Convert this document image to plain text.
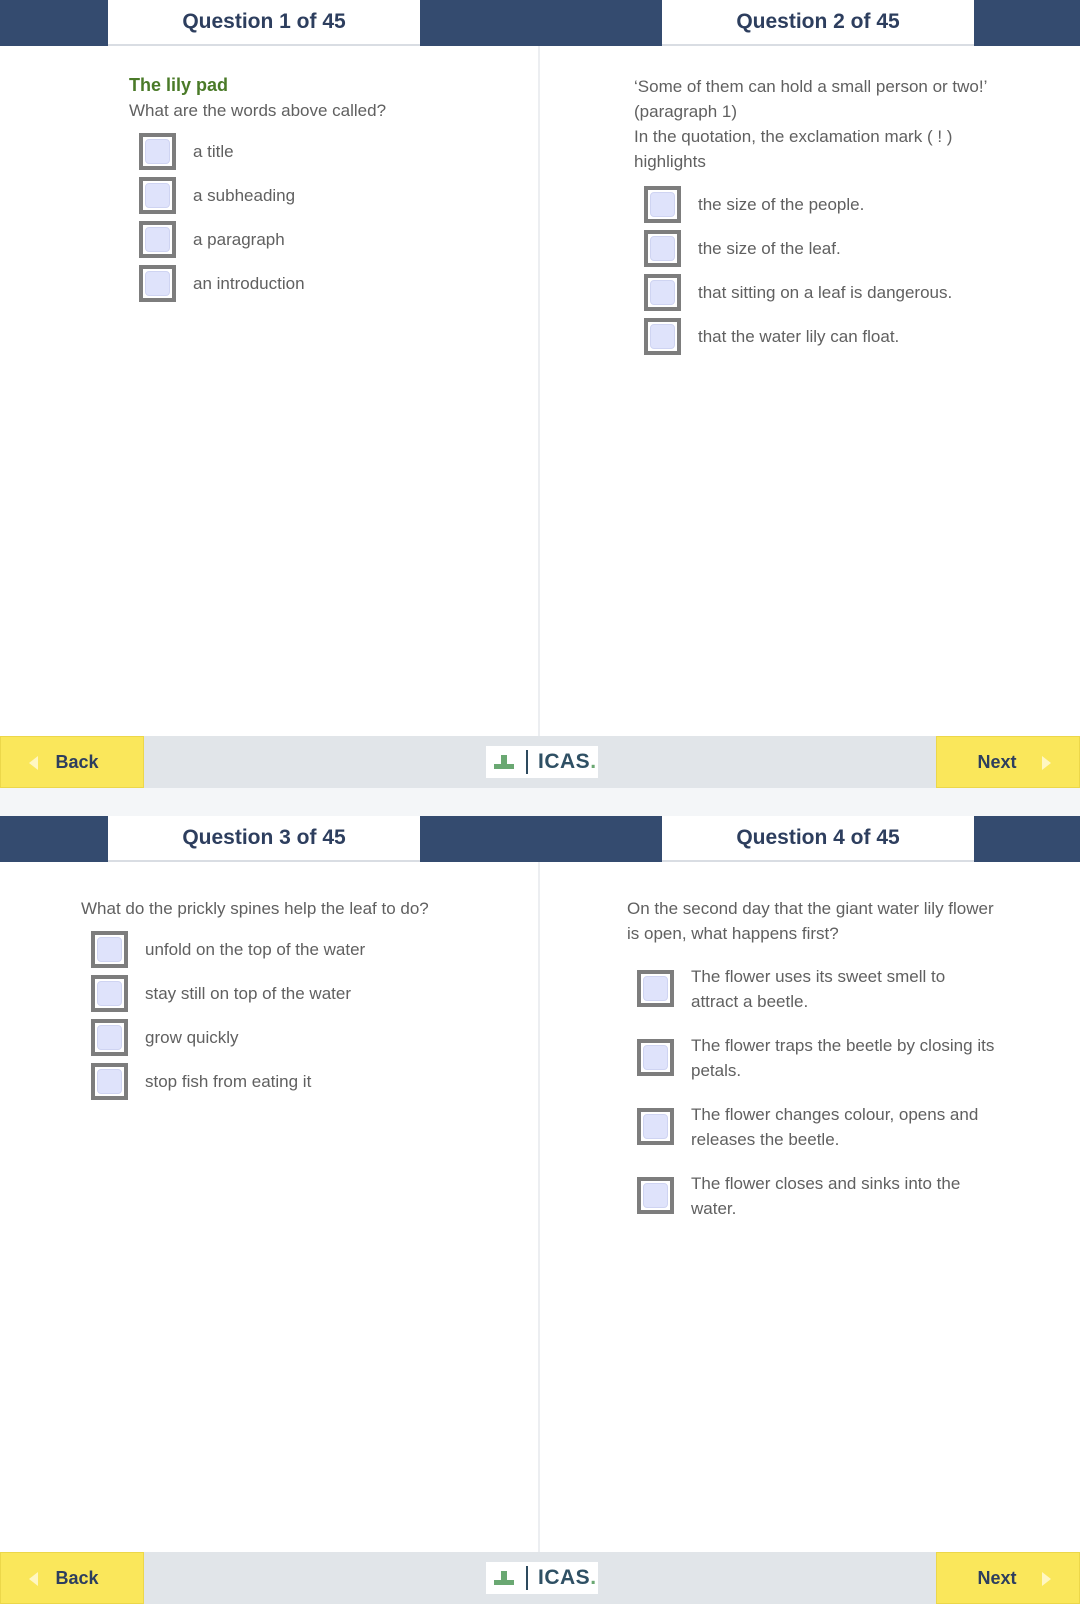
Question 1 of 45	Question 2 of 45
The lily pad
What are the words above called?
a title
a subheading
a paragraph
an introduction
‘Some of them can hold a small person or two!’
(paragraph 1)
In the quotation, the exclamation mark ( ! )
highlights
the size of the people.
the size of the leaf.
that sitting on a leaf is dangerous.
that the water lily can float.
Back	ICAS.	Next
Question 3 of 45	Question 4 of 45
What do the prickly spines help the leaf to do?
unfold on the top of the water
stay still on top of the water
grow quickly
stop fish from eating it
On the second day that the giant water lily flower
is open, what happens first?
The flower uses its sweet smell to
attract a beetle.
The flower traps the beetle by closing its
petals.
The flower changes colour, opens and
releases the beetle.
The flower closes and sinks into the
water.
Back	ICAS.	Next
